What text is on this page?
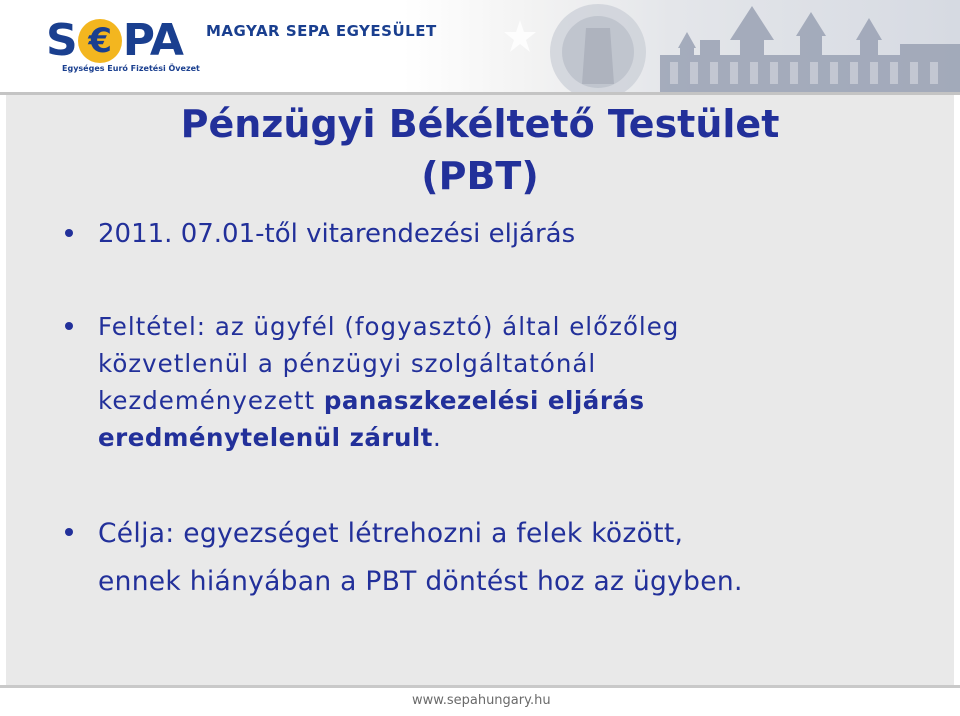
S € PA
Egységes Euró Fizetési Övezet
MAGYAR SEPA EGYESÜLET
Pénzügyi Békéltető Testület
(PBT)
2011. 07.01-től vitarendezési eljárás
Feltétel: az ügyfél (fogyasztó) által előzőleg
közvetlenül a pénzügyi szolgáltatónál
kezdeményezett panaszkezelési eljárás
eredménytelenül zárult.
Célja: egyezséget létrehozni a felek között,
ennek hiányában a PBT döntést hoz az ügyben.
www.sepahungary.hu
